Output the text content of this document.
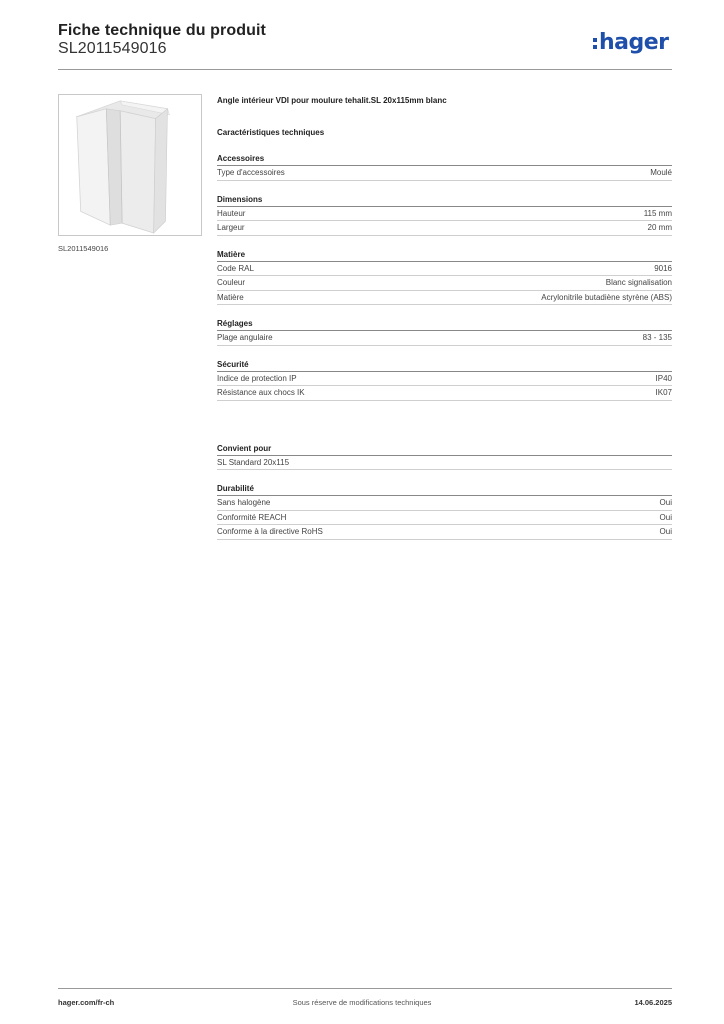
Fiche technique du produit
SL2011549016	hager
SL2011549016
Angle intérieur VDI pour moulure tehalit.SL 20x115mm blanc
Caractéristiques techniques
Accessoires
Type d'accessoires	Moulé
Dimensions
Hauteur	115 mm
Largeur	20 mm
Matière
Code RAL	9016
Couleur	Blanc signalisation
Matière	Acrylonitrile butadiène styrène (ABS)
Réglages
Plage angulaire	83 - 135
Sécurité
Indice de protection IP	IP40
Résistance aux chocs IK	IK07
Convient pour
SL Standard 20x115
Durabilité
Sans halogène	Oui
Conformité REACH	Oui
Conforme à la directive RoHS	Oui
hager.com/fr-ch	Sous réserve de modifications techniques	14.06.2025
